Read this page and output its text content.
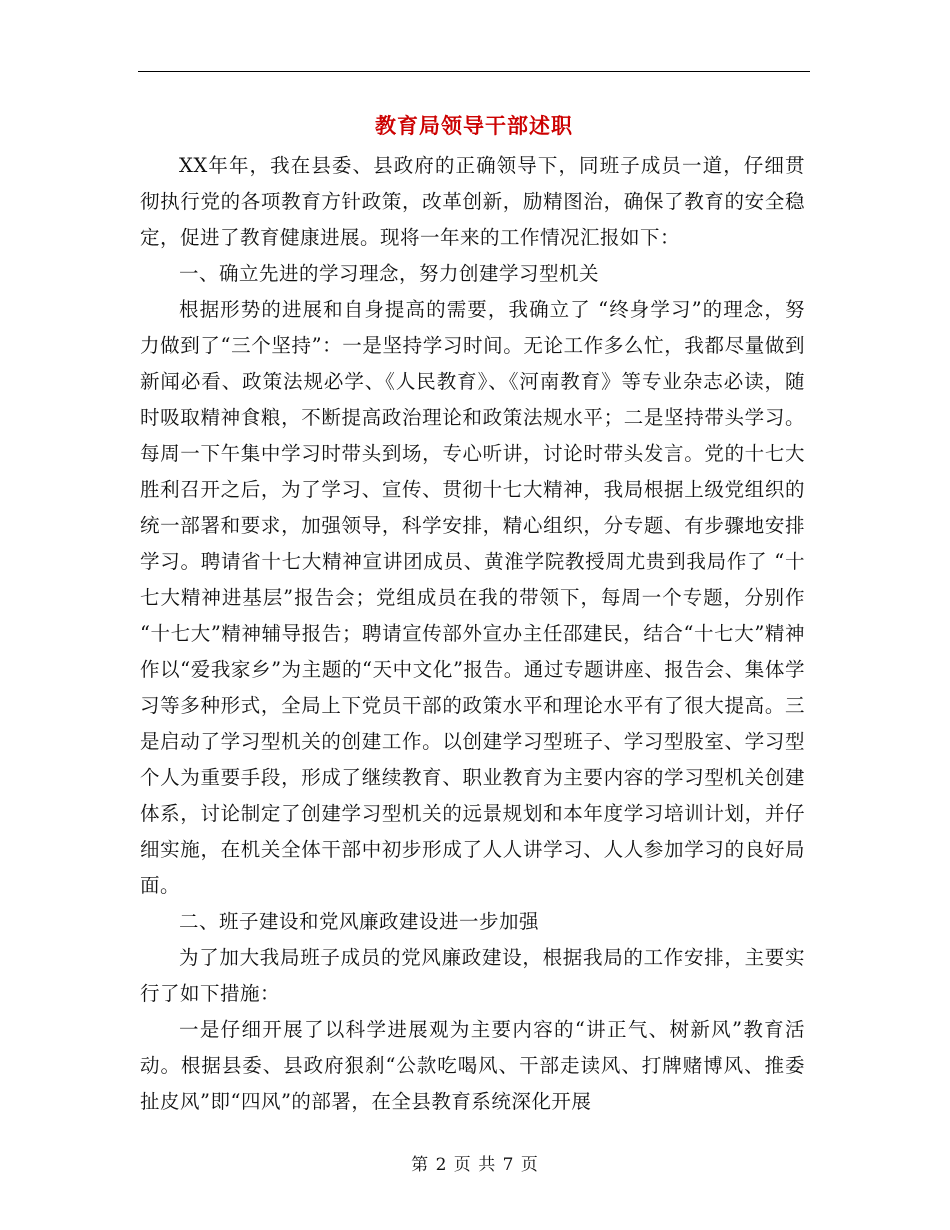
教育局领导干部述职

XX年年，我在县委、县政府的正确领导下，同班子成员一道，仔细贯彻执行党的各项教育方针政策，改革创新，励精图治，确保了教育的安全稳定，促进了教育健康进展。现将一年来的工作情况汇报如下：

一、确立先进的学习理念，努力创建学习型机关

根据形势的进展和自身提高的需要，我确立了 “终身学习”的理念，努力做到了“三个坚持”：一是坚持学习时间。无论工作多么忙，我都尽量做到新闻必看、政策法规必学、《人民教育》、《河南教育》等专业杂志必读，随时吸取精神食粮，不断提高政治理论和政策法规水平；二是坚持带头学习。每周一下午集中学习时带头到场，专心听讲，讨论时带头发言。党的十七大胜利召开之后，为了学习、宣传、贯彻十七大精神，我局根据上级党组织的统一部署和要求，加强领导，科学安排，精心组织，分专题、有步骤地安排学习。聘请省十七大精神宣讲团成员、黄淮学院教授周尤贵到我局作了 “十七大精神进基层”报告会；党组成员在我的带领下，每周一个专题，分别作 “十七大”精神辅导报告；聘请宣传部外宣办主任邵建民，结合“十七大”精神作以“爱我家乡”为主题的“天中文化”报告。通过专题讲座、报告会、集体学习等多种形式，全局上下党员干部的政策水平和理论水平有了很大提高。三是启动了学习型机关的创建工作。以创建学习型班子、学习型股室、学习型个人为重要手段，形成了继续教育、职业教育为主要内容的学习型机关创建体系，讨论制定了创建学习型机关的远景规划和本年度学习培训计划，并仔细实施，在机关全体干部中初步形成了人人讲学习、人人参加学习的良好局面。

二、班子建设和党风廉政建设进一步加强

为了加大我局班子成员的党风廉政建设，根据我局的工作安排，主要实行了如下措施：

一是仔细开展了以科学进展观为主要内容的“讲正气、树新风”教育活动。根据县委、县政府狠刹“公款吃喝风、干部走读风、打牌赌博风、推委扯皮风”即“四风”的部署，在全县教育系统深化开展

第 2 页 共 7 页
